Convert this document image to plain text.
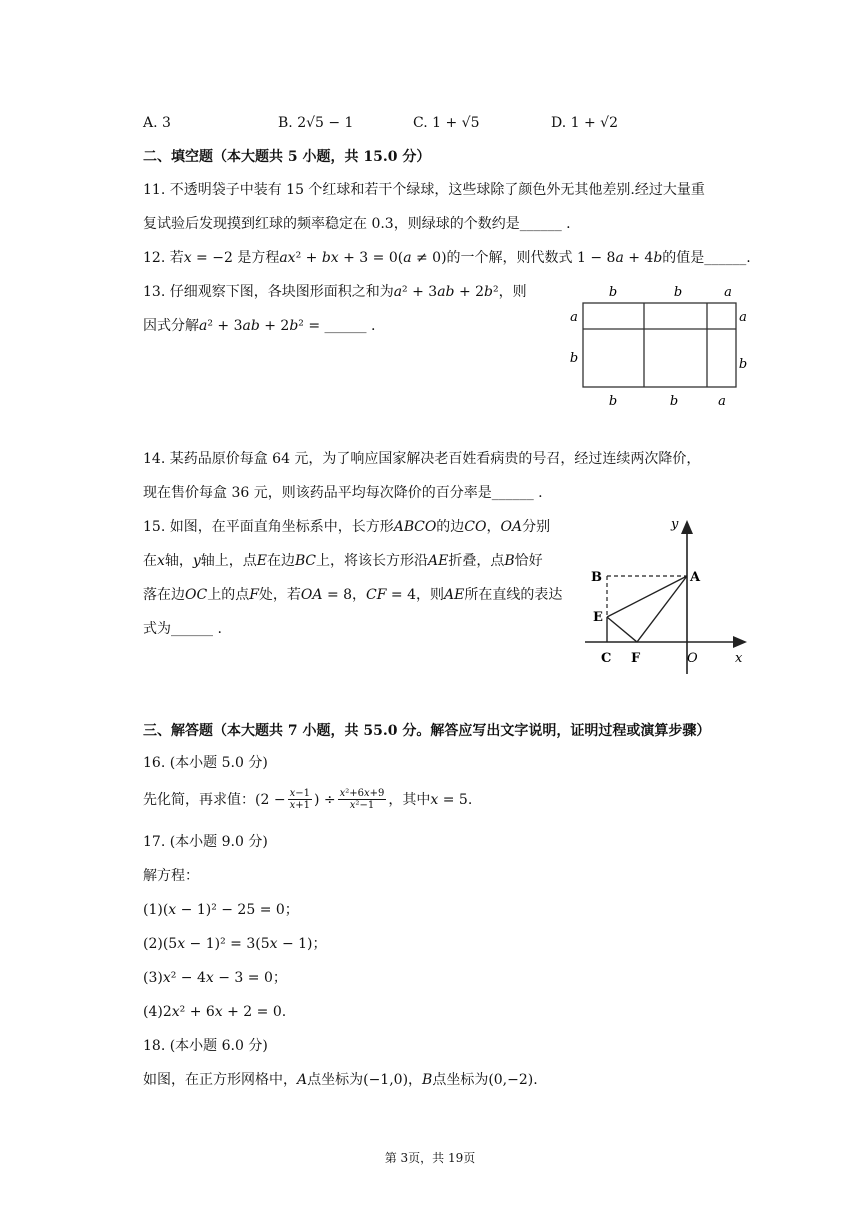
A. 3	B. 2√5 − 1	C. 1 + √5	D. 1 + √2
二、填空题（本大题共 5 小题，共 15.0 分）
11. 不透明袋子中装有 15 个红球和若干个绿球，这些球除了颜色外无其他差别.经过大量重
复试验后发现摸到红球的频率稳定在 0.3，则绿球的个数约是______ .
12. 若𝑥 = −2 是方程𝑎𝑥² + 𝑏𝑥 + 3 = 0(𝑎 ≠ 0)的一个解，则代数式 1 − 8𝑎 + 4𝑏的值是______.
13. 仔细观察下图，各块图形面积之和为𝑎² + 3𝑎𝑏 + 2𝑏²，则
因式分解𝑎² + 3𝑎𝑏 + 2𝑏² = ______ .
b	b	a
a
b
a
b
b	b	a
14. 某药品原价每盒 64 元，为了响应国家解决老百姓看病贵的号召，经过连续两次降价，
现在售价每盒 36 元，则该药品平均每次降价的百分率是______ .
15. 如图，在平面直角坐标系中，长方形𝐴𝐵𝐶𝑂的边𝐶𝑂，𝑂𝐴分别
在𝑥轴，𝑦轴上，点𝐸在边𝐵𝐶上，将该长方形沿𝐴𝐸折叠，点𝐵恰好
落在边𝑂𝐶上的点𝐹处，若𝑂𝐴 = 8，𝐶𝐹 = 4，则𝐴𝐸所在直线的表达
式为______ .
y
x
B	A
E
C F	O
三、解答题（本大题共 7 小题，共 55.0 分。解答应写出文字说明，证明过程或演算步骤）
16. (本小题 5.0 分)
先化简，再求值：(2 − 𝑥−1
𝑥+1 ) ÷ 𝑥²+6𝑥+9
𝑥²−1 ，其中𝑥 = 5.
17. (本小题 9.0 分)
解方程：
(1)(𝑥 − 1)² − 25 = 0；
(2)(5𝑥 − 1)² = 3(5𝑥 − 1)；
(3)𝑥² − 4𝑥 − 3 = 0；
(4)2𝑥² + 6𝑥 + 2 = 0.
18. (本小题 6.0 分)
如图，在正方形网格中，𝐴点坐标为(−1,0)，𝐵点坐标为(0,−2).
第 3页，共 19页
